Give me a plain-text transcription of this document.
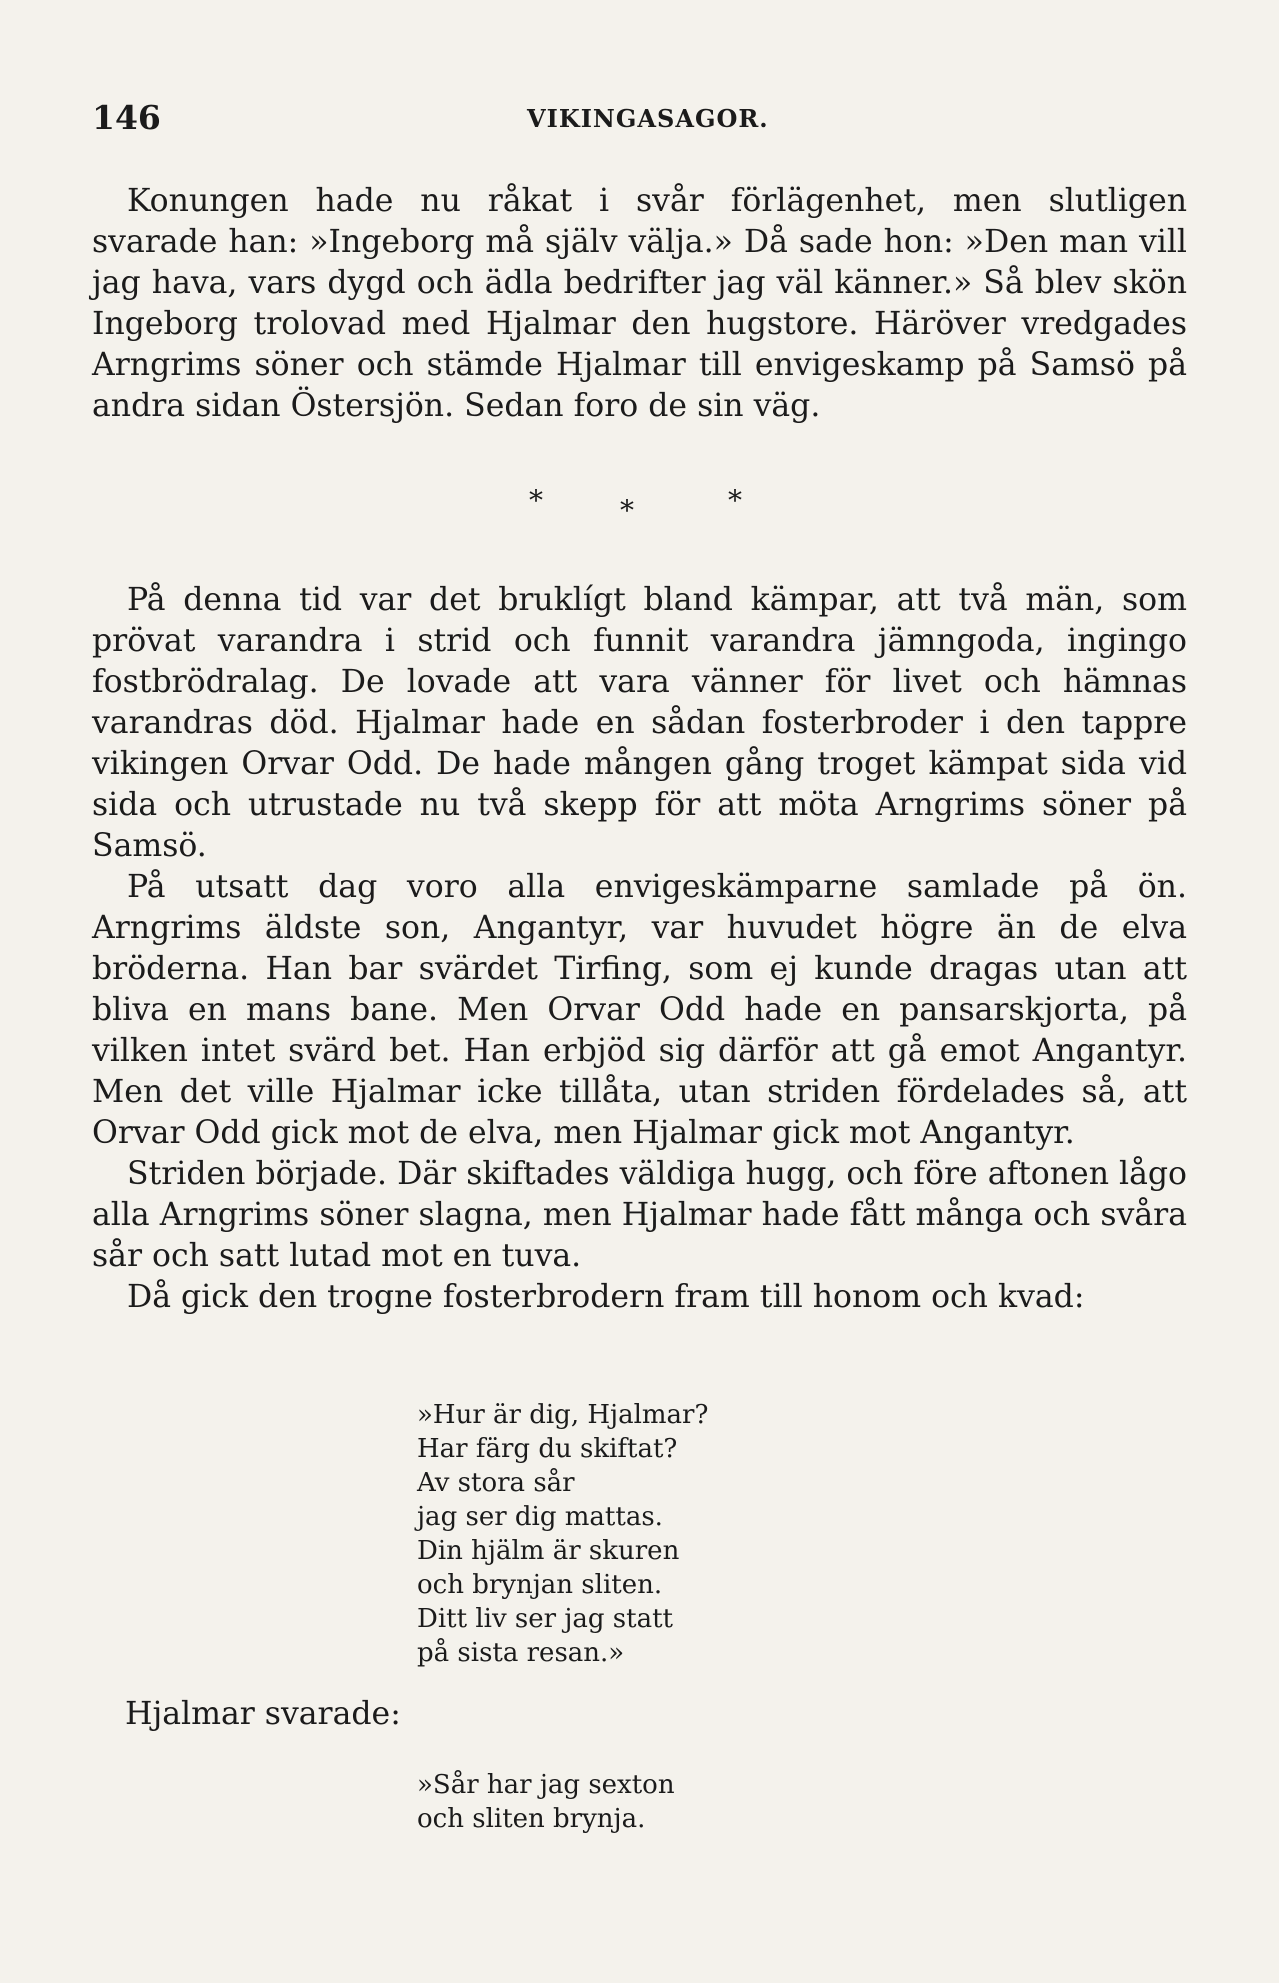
146	VIKINGASAGOR.

Konungen hade nu råkat i svår förlägenhet, men slutligen svarade han: »Ingeborg må själv välja.» Då sade hon: »Den man vill jag hava, vars dygd och ädla bedrifter jag väl känner.» Så blev skön Ingeborg trolovad med Hjalmar den hugstore. Häröver vredgades Arngrims söner och stämde Hjalmar till envigeskamp på Samsö på andra sidan Östersjön. Sedan foro de sin väg.

*	*	*

På denna tid var det bruklígt bland kämpar, att två män, som prövat varandra i strid och funnit varandra jämngoda, ingingo fostbrödralag. De lovade att vara vänner för livet och hämnas varandras död. Hjalmar hade en sådan fosterbroder i den tappre vikingen Orvar Odd. De hade mången gång troget kämpat sida vid sida och utrustade nu två skepp för att möta Arngrims söner på Samsö.

På utsatt dag voro alla envigeskämparne samlade på ön. Arngrims äldste son, Angantyr, var huvudet högre än de elva bröderna. Han bar svärdet Tirfing, som ej kunde dragas utan att bliva en mans bane. Men Orvar Odd hade en pansarskjorta, på vilken intet svärd bet. Han erbjöd sig därför att gå emot Angantyr. Men det ville Hjalmar icke tillåta, utan striden fördelades så, att Orvar Odd gick mot de elva, men Hjalmar gick mot Angantyr.

Striden började. Där skiftades väldiga hugg, och före aftonen lågo alla Arngrims söner slagna, men Hjalmar hade fått många och svåra sår och satt lutad mot en tuva.

Då gick den trogne fosterbrodern fram till honom och kvad:

»Hur är dig, Hjalmar?
Har färg du skiftat?
Av stora sår
jag ser dig mattas.
Din hjälm är skuren
och brynjan sliten.
Ditt liv ser jag statt
på sista resan.»
Hjalmar svarade:
»Sår har jag sexton
och sliten brynja.
